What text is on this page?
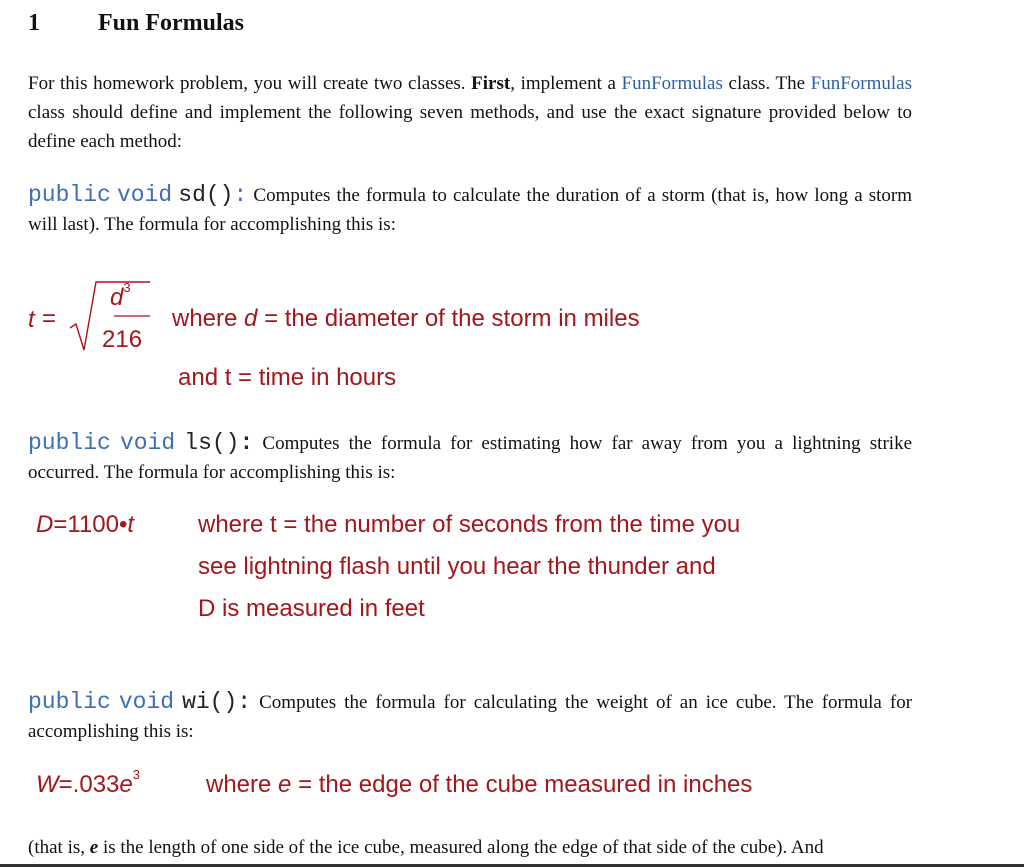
1 Fun Formulas
For this homework problem, you will create two classes. First, implement a FunFormulas class. The FunFormulas class should define and implement the following seven methods, and use the exact signature provided below to define each method:
public void sd(): Computes the formula to calculate the duration of a storm (that is, how long a storm will last). The formula for accomplishing this is:
t =
$d^3$
216
where d = the diameter of the storm in miles
and t = time in hours
public void ls(): Computes the formula for estimating how far away from you a lightning strike occurred. The formula for accomplishing this is:
D=1100•t	where t = the number of seconds from the time you
see lightning flash until you hear the thunder and
D is measured in feet
public void wi(): Computes the formula for calculating the weight of an ice cube. The formula for accomplishing this is:
$W=.033e^3$	where e = the edge of the cube measured in inches
(that is, e is the length of one side of the ice cube, measured along the edge of that side of the cube). And
